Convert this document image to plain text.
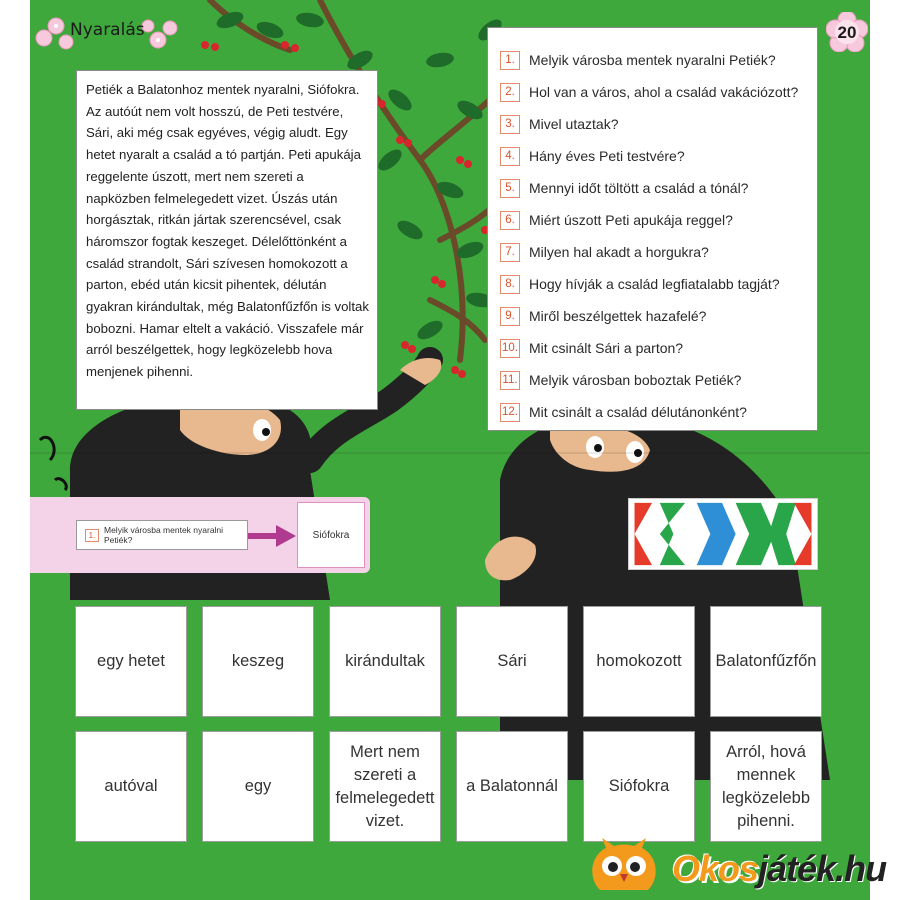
Nyaralás	20

Petiék a Balatonhoz mentek nyaralni, Siófokra. Az autóút nem volt hosszú, de Peti testvére, Sári, aki még csak egyéves, végig aludt. Egy hetet nyaralt a család a tó partján. Peti apukája reggelente úszott, mert nem szereti a napközben felmelegedett vizet. Úszás után horgásztak, ritkán jártak szerencsével, csak háromszor fogtak keszeget. Délelőttönként a család strandolt, Sári szívesen homokozott a parton, ebéd után kicsit pihentek, délután gyakran kirándultak, még Balatonfűzfőn is voltak bobozni. Hamar eltelt a vakáció. Visszafele már arról beszélgettek, hogy legközelebb hova menjenek pihenni.

1.	Melyik városba mentek nyaralni Petiék?
2.	Hol van a város, ahol a család vakációzott?
3.	Mivel utaztak?
4.	Hány éves Peti testvére?
5.	Mennyi időt töltött a család a tónál?
6.	Miért úszott Peti apukája reggel?
7.	Milyen hal akadt a horgukra?
8.	Hogy hívják a család legfiatalabb tagját?
9.	Miről beszélgettek hazafelé?
10. Mit csinált Sári a parton?
11. Melyik városban boboztak Petiék?
12. Mit csinált a család délutánonként?
1.	Melyik városba mentek nyaralni Petiék?	Siófokra
egy hetet	keszeg	kirándultak	Sári	homokozott	Balatonfűzfőn
autóval	egy
Mert nem
szereti a
felmelegedett
vizet.
a Balatonnál	Siófokra
Arról, hová
mennek
legközelebb
pihenni.
Okosjáték.hu
